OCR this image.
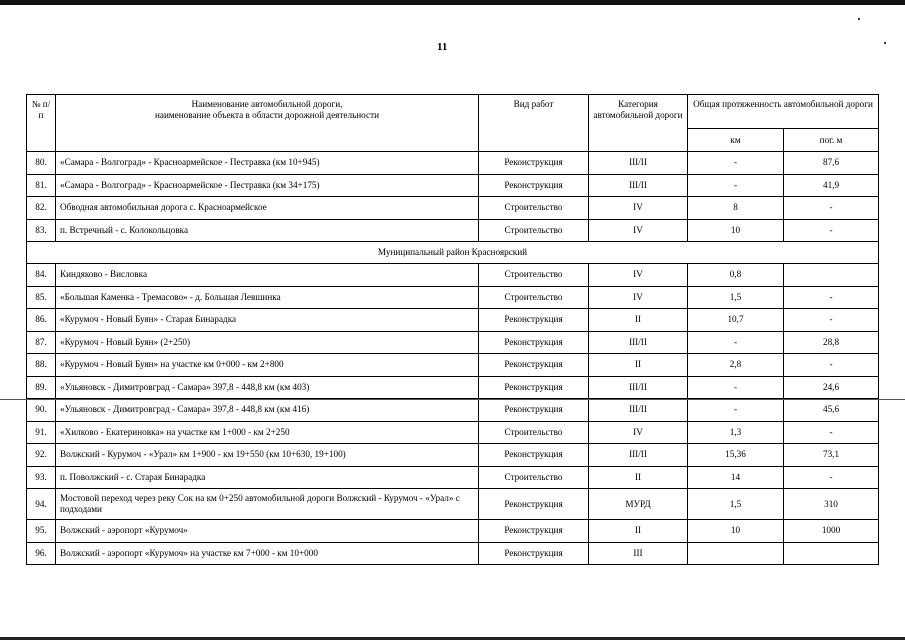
11
№ п/п	Наименование автомобильной дороги,
наименование объекта в области дорожной деятельности	Вид работ	Категория автомобильной дороги	Общая протяженность автомобильной дороги	
				км	пог. м
80.	«Самара - Волгоград» - Красноармейское - Пестравка (км 10+945)	Реконструкция	III/II	-	87,6
81.	«Самара - Волгоград» - Красноармейское - Пестравка (км 34+175)	Реконструкция	III/II	-	41,9
82.	Обводная автомобильная дорога с. Красноармейское	Строительство	IV	8	-
83.	п. Встречный - с. Колокольцовка	Строительство	IV	10	-
Муниципальный район Красноярский					
84.	Киндяково - Висловка	Строительство	IV	0,8	
85.	«Большая Каменка - Тремасово» - д. Большая Левшинка	Строительство	IV	1,5	-
86.	«Курумоч - Новый Буян» - Старая Бинарадка	Реконструкция	II	10,7	-
87.	«Курумоч - Новый Буян» (2+250)	Реконструкция	III/II	-	28,8
88.	«Курумоч - Новый Буян» на участке км 0+000 - км 2+800	Реконструкция	II	2,8	-
89.	«Ульяновск - Димитровград - Самара» 397,8 - 448,8 км (км 403)	Реконструкция	III/II	-	24,6
90.	«Ульяновск - Димитровград - Самара» 397,8 - 448,8 км (км 416)	Реконструкция	III/II	-	45,6
91.	«Хилково - Екатериновка» на участке км 1+000 - км 2+250	Строительство	IV	1,3	-
92.	Волжский - Курумоч - «Урал» км 1+900 - км 19+550 (км 10+630, 19+100)	Реконструкция	III/II	15,36	73,1
93.	п. Поволжский - с. Старая Бинарадка	Строительство	II	14	-
94.	Мостовой переход через реку Сок на км 0+250 автомобильной дороги Волжский - Курумоч - «Урал» с подходами	Реконструкция	МУРД	1,5	310
95.	Волжский - аэропорт «Курумоч»	Реконструкция	II	10	1000
96.	Волжский - аэропорт «Курумоч» на участке км 7+000 - км 10+000	Реконструкция	III		
